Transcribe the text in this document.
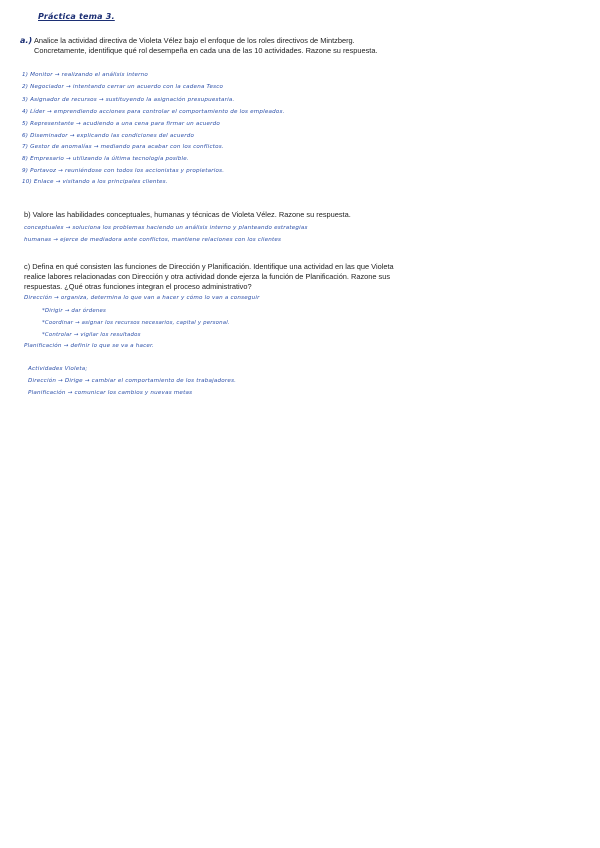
Práctica tema 3.
a.) Analice la actividad directiva de Violeta Vélez bajo el enfoque de los roles directivos de Mintzberg. Concretamente, identifique qué rol desempeña en cada una de las 10 actividades. Razone su respuesta.
1) Monitor → realizando el análisis interno
2) Negociador → intentando cerrar un acuerdo con la cadena Tesco
3) Asignador de recursos → sustituyendo la asignación presupuestaria.
4) Líder → emprendiendo acciones para controlar el comportamiento de los empleados.
5) Representante → acudiendo a una cena para firmar un acuerdo
6) Diseminador → explicando las condiciones del acuerdo
7) Gestor de anomalías → mediando para acabar con los conflictos.
8) Empresario → utilizando la última tecnología posible.
9) Portavoz → reuniéndose con todos los accionistas y propietarios.
10) Enlace → visitando a los principales clientes.
b) Valore las habilidades conceptuales, humanas y técnicas de Violeta Vélez. Razone su respuesta.
conceptuales → soluciona los problemas haciendo un análisis interno y planteando estrategias
humanas → ejerce de mediadora ante conflictos, mantiene relaciones con los clientes
c) Defina en qué consisten las funciones de Dirección y Planificación. Identifique una actividad en las que Violeta realice labores relacionadas con Dirección y otra actividad donde ejerza la función de Planificación. Razone sus respuestas. ¿Qué otras funciones integran el proceso administrativo?
Dirección → organiza, determina lo que van a hacer y cómo lo van a conseguir
*Dirigir → dar órdenes
*Coordinar → asignar los recursos necesarios, capital y personal.
*Controlar → vigilar los resultados
Planificación → definir lo que se va a hacer.
Actividades Violeta;
Dirección → Dirige → cambiar el comportamiento de los trabajadores.
Planificación → comunicar los cambios y nuevas metas
